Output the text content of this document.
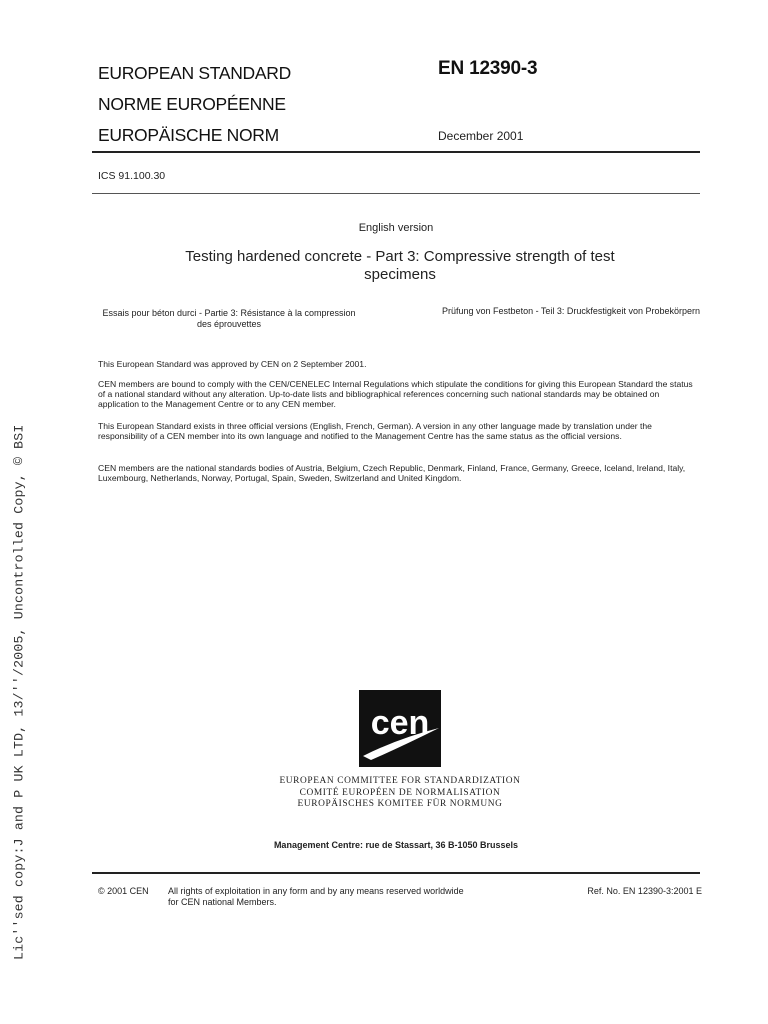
EUROPEAN STANDARD
NORME EUROPÉENNE
EUROPÄISCHE NORM
EN 12390-3
December 2001
ICS 91.100.30
English version
Testing hardened concrete - Part 3: Compressive strength of test specimens
Essais pour béton durci - Partie 3: Résistance à la compression des éprouvettes
Prüfung von Festbeton - Teil 3: Druckfestigkeit von Probekörpern
This European Standard was approved by CEN on 2 September 2001.
CEN members are bound to comply with the CEN/CENELEC Internal Regulations which stipulate the conditions for giving this European Standard the status of a national standard without any alteration. Up-to-date lists and bibliographical references concerning such national standards may be obtained on application to the Management Centre or to any CEN member.
This European Standard exists in three official versions (English, French, German). A version in any other language made by translation under the responsibility of a CEN member into its own language and notified to the Management Centre has the same status as the official versions.
CEN members are the national standards bodies of Austria, Belgium, Czech Republic, Denmark, Finland, France, Germany, Greece, Iceland, Ireland, Italy, Luxembourg, Netherlands, Norway, Portugal, Spain, Sweden, Switzerland and United Kingdom.
cen
EUROPEAN COMMITTEE FOR STANDARDIZATION
COMITÉ EUROPÉEN DE NORMALISATION
EUROPÄISCHES KOMITEE FÜR NORMUNG
Management Centre: rue de Stassart, 36 B-1050 Brussels
© 2001 CEN All rights of exploitation in any form and by any means reserved worldwide for CEN national Members.
Ref. No. EN 12390-3:2001 E
Lic''sed copy:J and P UK LTD, 13/''/2005, Uncontrolled Copy, © BSI
